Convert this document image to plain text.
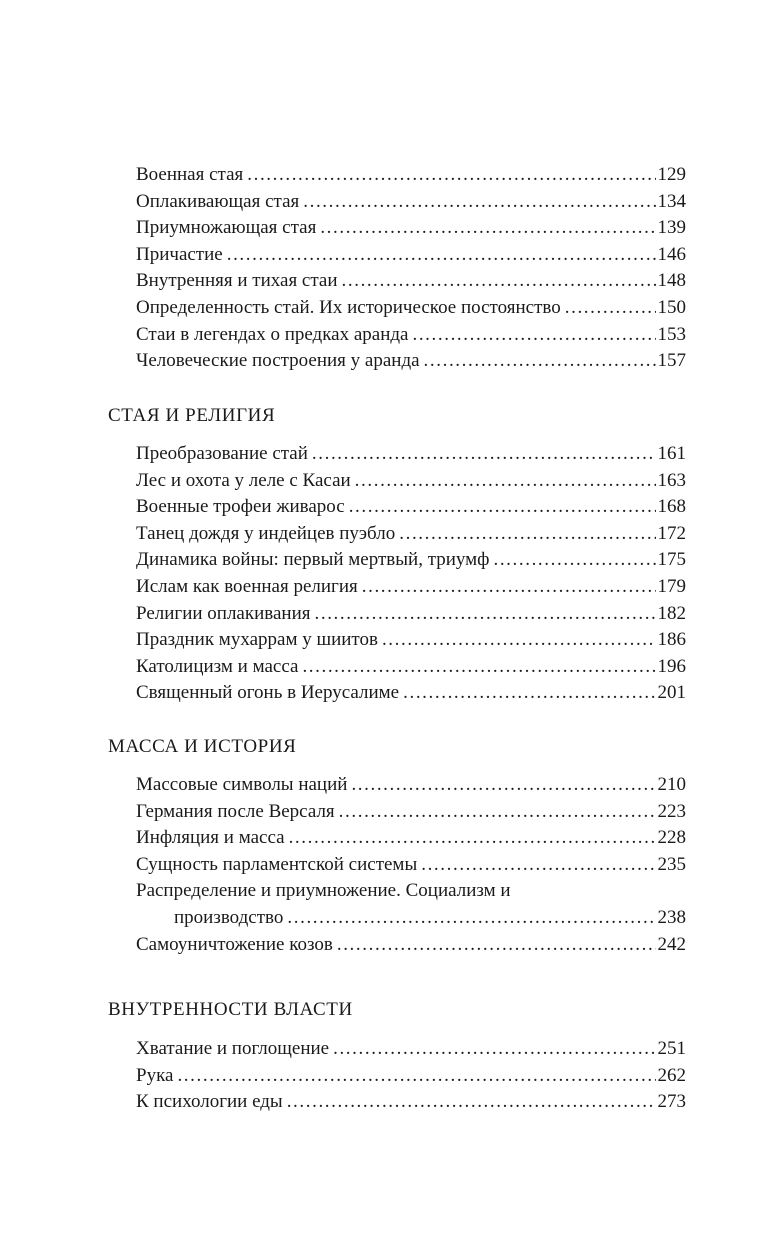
Военная стая .....	129
Оплакивающая стая .....	134
Приумножающая стая .....	139
Причастие .....	146
Внутренняя и тихая стаи .....	148
Определенность стай. Их историческое постоянство .....	150
Стаи в легендах о предках аранда .....	153
Человеческие построения у аранда .....	157
СТАЯ И РЕЛИГИЯ
Преобразование стай .....	161
Лес и охота у леле с Касаи .....	163
Военные трофеи живарос .....	168
Танец дождя у индейцев пуэбло .....	172
Динамика войны: первый мертвый, триумф .....	175
Ислам как военная религия .....	179
Религии оплакивания .....	182
Праздник мухаррам у шиитов .....	186
Католицизм и масса .....	196
Священный огонь в Иерусалиме .....	201
МАССА И ИСТОРИЯ
Массовые символы наций .....	210
Германия после Версаля .....	223
Инфляция и масса .....	228
Сущность парламентской системы .....	235
Распределение и приумножение. Социализм и
производство .....	238
Самоуничтожение козов .....	242
ВНУТРЕННОСТИ ВЛАСТИ
Хватание и поглощение .....	251
Рука .....	262
К психологии еды .....	273
